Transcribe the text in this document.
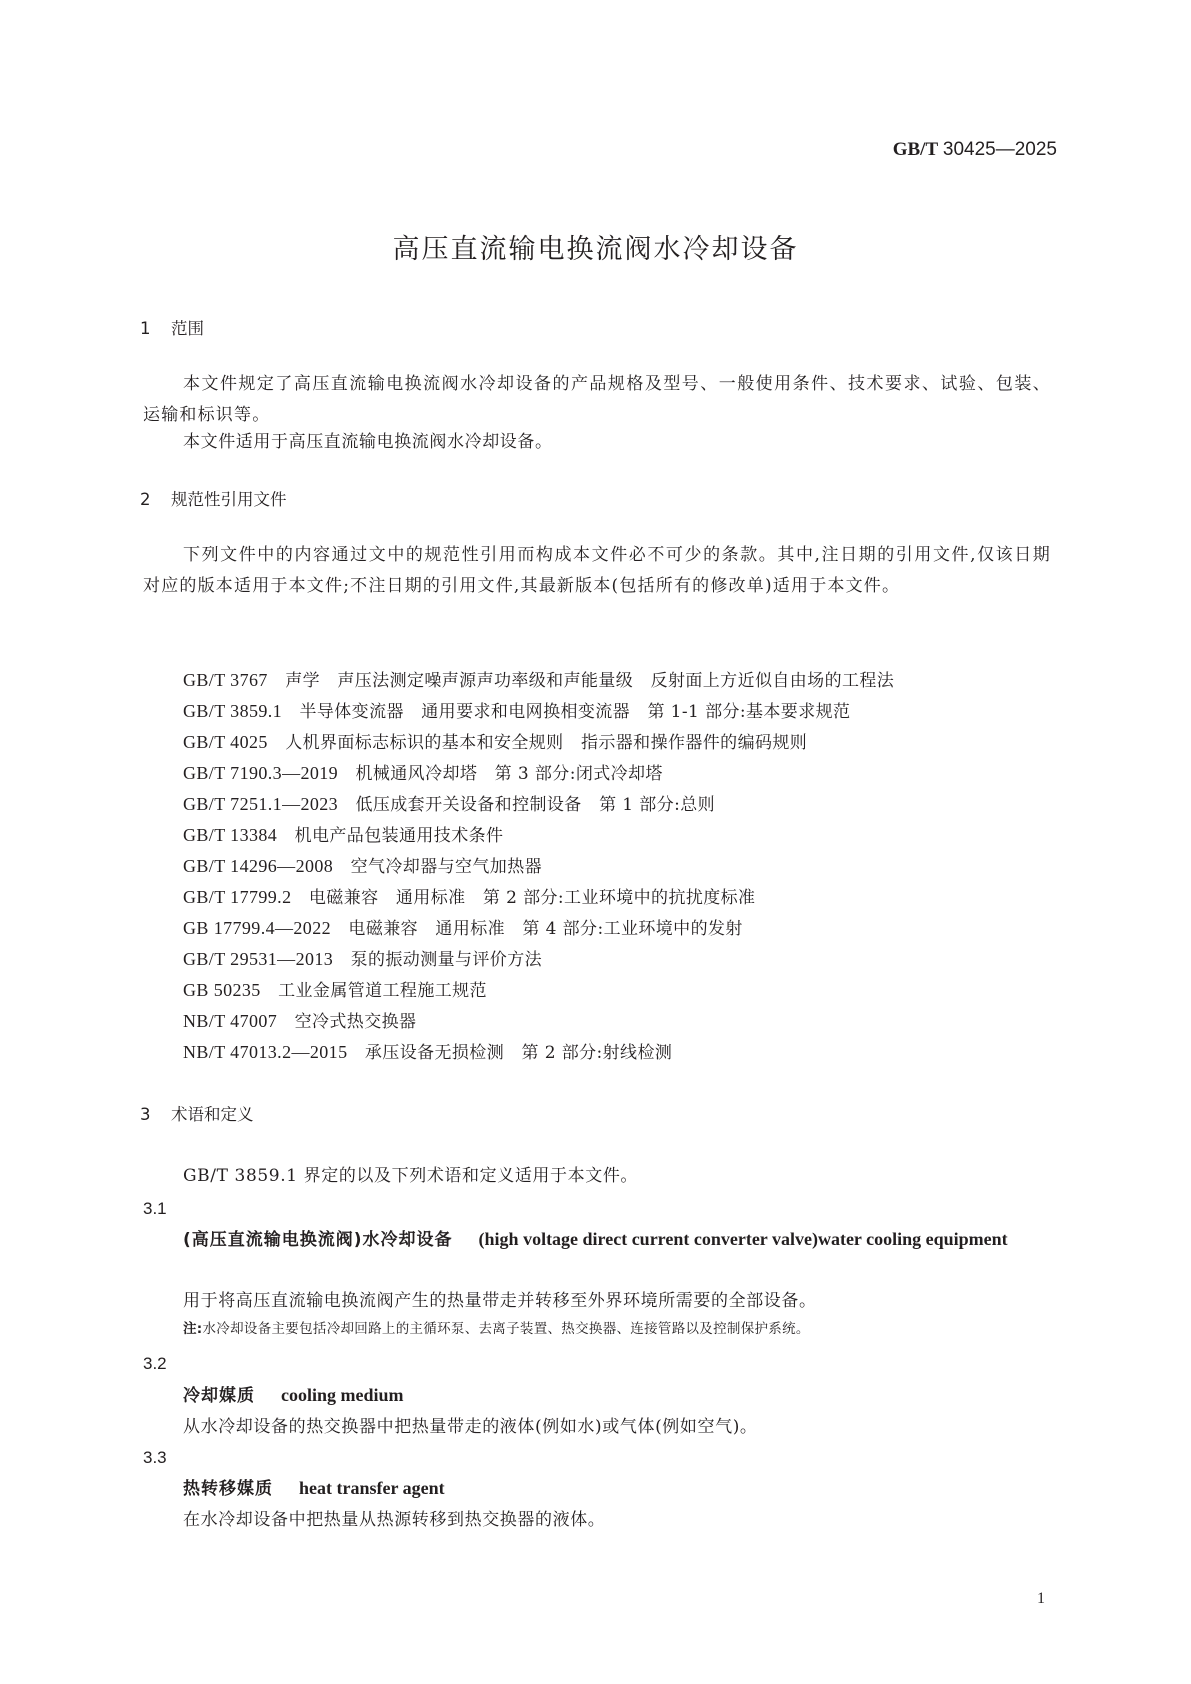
GB/T 30425—2025
高压直流输电换流阀水冷却设备
1 范围
本文件规定了高压直流输电换流阀水冷却设备的产品规格及型号、一般使用条件、技术要求、试验、包装、运输和标识等。
本文件适用于高压直流输电换流阀水冷却设备。
2 规范性引用文件
下列文件中的内容通过文中的规范性引用而构成本文件必不可少的条款。其中,注日期的引用文件,仅该日期对应的版本适用于本文件;不注日期的引用文件,其最新版本(包括所有的修改单)适用于本文件。
GB/T 3767　 声学　声压法测定噪声源声功率级和声能量级　反射面上方近似自由场的工程法
GB/T 3859.1　 半导体变流器　通用要求和电网换相变流器　第 1-1 部分:基本要求规范
GB/T 4025　 人机界面标志标识的基本和安全规则　指示器和操作器件的编码规则
GB/T 7190.3—2019　 机械通风冷却塔　第 3 部分:闭式冷却塔
GB/T 7251.1—2023　 低压成套开关设备和控制设备　第 1 部分:总则
GB/T 13384　 机电产品包装通用技术条件
GB/T 14296—2008　 空气冷却器与空气加热器
GB/T 17799.2　 电磁兼容　通用标准　第 2 部分:工业环境中的抗扰度标准
GB 17799.4—2022　 电磁兼容　通用标准　第 4 部分:工业环境中的发射
GB/T 29531—2013　 泵的振动测量与评价方法
GB 50235　 工业金属管道工程施工规范
NB/T 47007　 空冷式热交换器
NB/T 47013.2—2015　 承压设备无损检测　第 2 部分:射线检测
3 术语和定义
GB/T 3859.1 界定的以及下列术语和定义适用于本文件。
3.1
(高压直流输电换流阀)水冷却设备 (high voltage direct current converter valve)water cooling equipment
用于将高压直流输电换流阀产生的热量带走并转移至外界环境所需要的全部设备。
注:水冷却设备主要包括冷却回路上的主循环泵、去离子装置、热交换器、连接管路以及控制保护系统。
3.2
冷却媒质 cooling medium
从水冷却设备的热交换器中把热量带走的液体(例如水)或气体(例如空气)。
3.3
热转移媒质 heat transfer agent
在水冷却设备中把热量从热源转移到热交换器的液体。
1
